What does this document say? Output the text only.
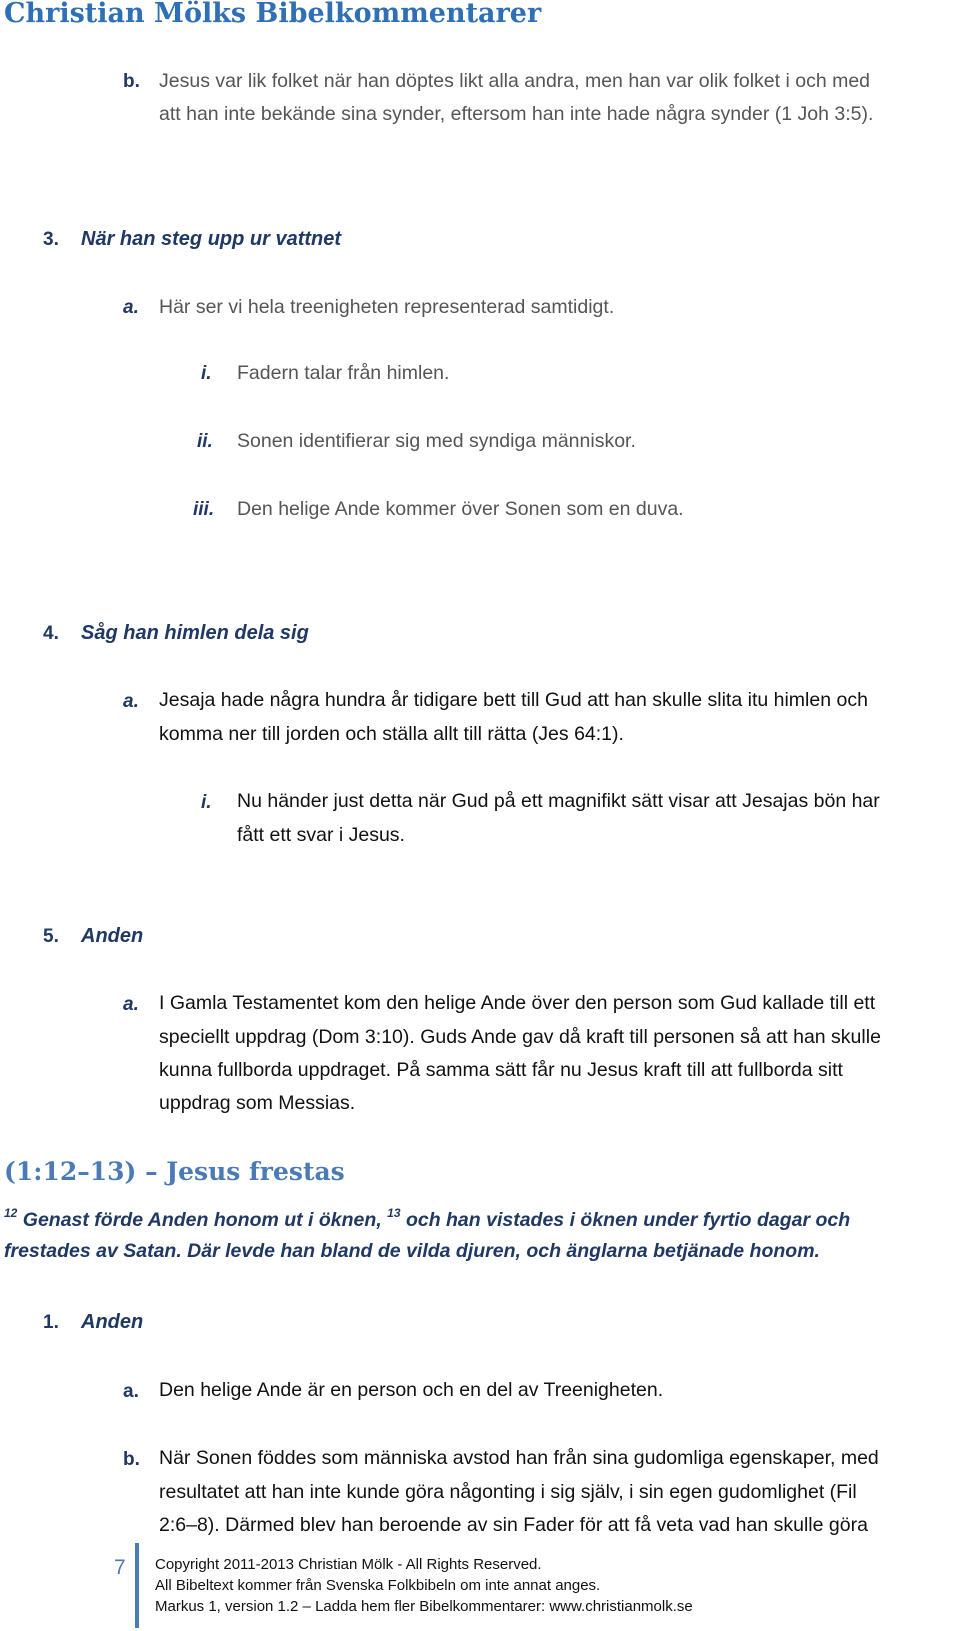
Christian Mölks Bibelkommentarer
b. Jesus var lik folket när han döptes likt alla andra, men han var olik folket i och med
att han inte bekände sina synder, eftersom han inte hade några synder (1 Joh 3:5).
3. När han steg upp ur vattnet
a. Här ser vi hela treenigheten representerad samtidigt.
i. Fadern talar från himlen.
ii. Sonen identifierar sig med syndiga människor.
iii. Den helige Ande kommer över Sonen som en duva.
4. Såg han himlen dela sig
a. Jesaja hade några hundra år tidigare bett till Gud att han skulle slita itu himlen och
komma ner till jorden och ställa allt till rätta (Jes 64:1).
i. Nu händer just detta när Gud på ett magnifikt sätt visar att Jesajas bön har
fått ett svar i Jesus.
5. Anden
a. I Gamla Testamentet kom den helige Ande över den person som Gud kallade till ett
speciellt uppdrag (Dom 3:10). Guds Ande gav då kraft till personen så att han skulle
kunna fullborda uppdraget. På samma sätt får nu Jesus kraft till att fullborda sitt
uppdrag som Messias.
(1:12–13) – Jesus frestas
$^{12}$ Genast förde Anden honom ut i öknen, $^{13}$ och han vistades i öknen under fyrtio dagar och
frestades av Satan. Där levde han bland de vilda djuren, och änglarna betjänade honom.
1. Anden
a. Den helige Ande är en person och en del av Treenigheten.
b. När Sonen föddes som människa avstod han från sina gudomliga egenskaper, med
resultatet att han inte kunde göra någonting i sig själv, i sin egen gudomlighet (Fil
2:6–8). Därmed blev han beroende av sin Fader för att få veta vad han skulle göra
7 Copyright 2011-2013 Christian Mölk - All Rights Reserved.
All Bibeltext kommer från Svenska Folkbibeln om inte annat anges.
Markus 1, version 1.2 – Ladda hem fler Bibelkommentarer: www.christianmolk.se
